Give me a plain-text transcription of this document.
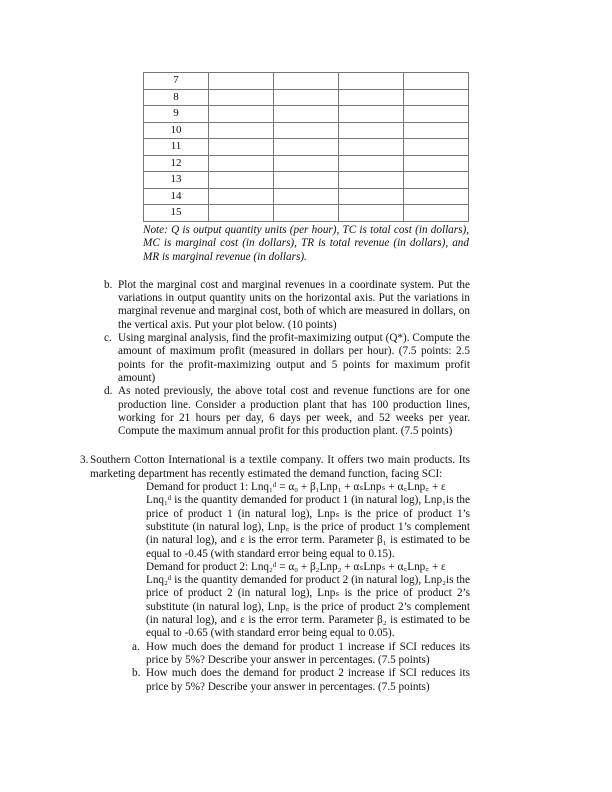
7				
8				
9				
10				
11				
12				
13				
14				
15				
Note: Q is output quantity units (per hour), TC is total cost (in dollars), MC is marginal cost (in dollars), TR is total revenue (in dollars), and MR is marginal revenue (in dollars).
b. Plot the marginal cost and marginal revenues in a coordinate system. Put the variations in output quantity units on the horizontal axis. Put the variations in marginal revenue and marginal cost, both of which are measured in dollars, on the vertical axis. Put your plot below. (10 points)
c. Using marginal analysis, find the profit-maximizing output (Q*). Compute the amount of maximum profit (measured in dollars per hour). (7.5 points: 2.5 points for the profit-maximizing output and 5 points for maximum profit amount)
d. As noted previously, the above total cost and revenue functions are for one production line. Consider a production plant that has 100 production lines, working for 21 hours per day, 6 days per week, and 52 weeks per year. Compute the maximum annual profit for this production plant. (7.5 points)
3. Southern Cotton International is a textile company. It offers two main products. Its marketing department has recently estimated the demand function, facing SCI:
Demand for product 1: Lnq₁ᵈ = α₀ + β₁Lnp₁ + αₛLnpₛ + α꜀Lnp꜀ + ε
Lnq₁ᵈ is the quantity demanded for product 1 (in natural log), Lnp₁is the price of product 1 (in natural log), Lnpₛ is the price of product 1’s substitute (in natural log), Lnp꜀ is the price of product 1’s complement (in natural log), and ε is the error term. Parameter β₁ is estimated to be equal to -0.45 (with standard error being equal to 0.15).
Demand for product 2: Lnq₂ᵈ = α₀ + β₂Lnp₂ + αₛLnpₛ + α꜀Lnp꜀ + ε
Lnq₂ᵈ is the quantity demanded for product 2 (in natural log), Lnp₂is the price of product 2 (in natural log), Lnpₛ is the price of product 2’s substitute (in natural log), Lnp꜀ is the price of product 2’s complement (in natural log), and ε is the error term. Parameter β₂ is estimated to be equal to -0.65 (with standard error being equal to 0.05).
a. How much does the demand for product 1 increase if SCI reduces its price by 5%? Describe your answer in percentages. (7.5 points)
b. How much does the demand for product 2 increase if SCI reduces its price by 5%? Describe your answer in percentages. (7.5 points)
